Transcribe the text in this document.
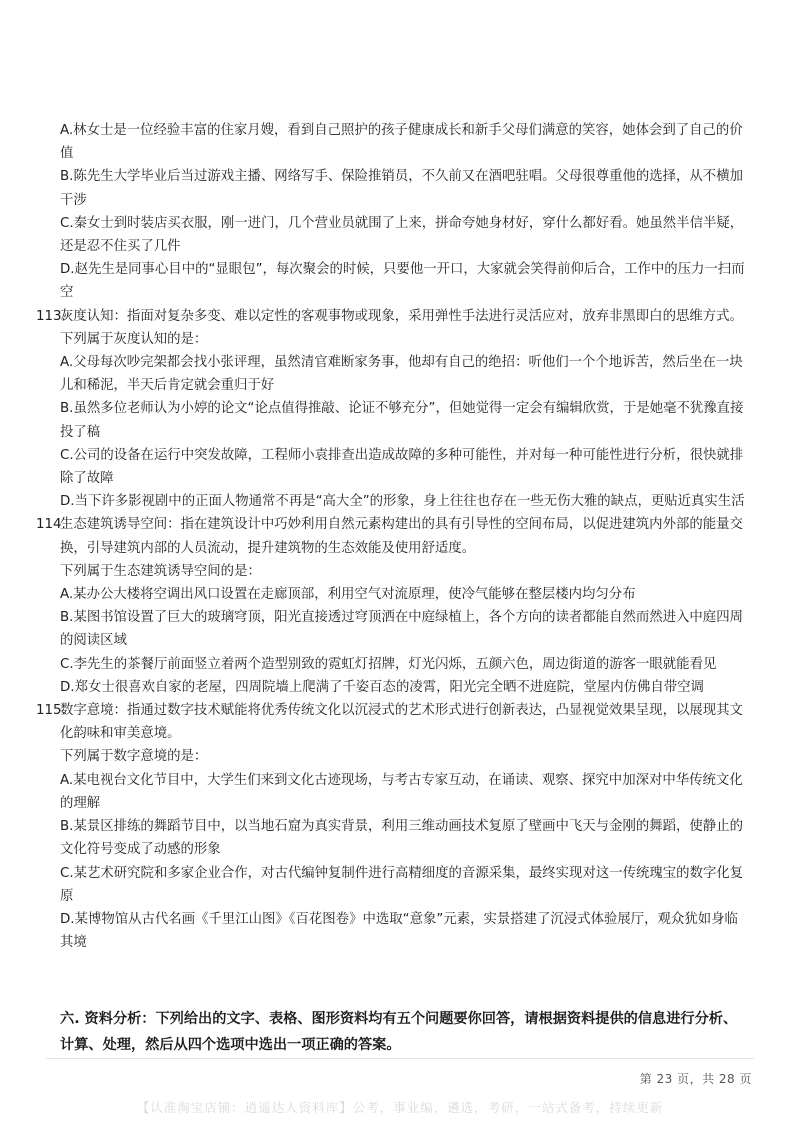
A.林女士是一位经验丰富的住家月嫂，看到自己照护的孩子健康成长和新手父母们满意的笑容，她体会到了自己的价值

B.陈先生大学毕业后当过游戏主播、网络写手、保险推销员，不久前又在酒吧驻唱。父母很尊重他的选择，从不横加干涉

C.秦女士到时装店买衣服，刚一进门，几个营业员就围了上来，拼命夸她身材好，穿什么都好看。她虽然半信半疑，还是忍不住买了几件

D.赵先生是同事心目中的“显眼包”，每次聚会的时候，只要他一开口，大家就会笑得前仰后合，工作中的压力一扫而空

113.灰度认知：指面对复杂多变、难以定性的客观事物或现象，采用弹性手法进行灵活应对，放弃非黑即白的思维方式。

下列属于灰度认知的是：

A.父母每次吵完架都会找小张评理，虽然清官难断家务事，他却有自己的绝招：听他们一个个地诉苦，然后坐在一块儿和稀泥，半天后肯定就会重归于好

B.虽然多位老师认为小婷的论文“论点值得推敲、论证不够充分”，但她觉得一定会有编辑欣赏，于是她毫不犹豫直接投了稿

C.公司的设备在运行中突发故障，工程师小袁排查出造成故障的多种可能性，并对每一种可能性进行分析，很快就排除了故障

D.当下许多影视剧中的正面人物通常不再是“高大全”的形象，身上往往也存在一些无伤大雅的缺点，更贴近真实生活

114.生态建筑诱导空间：指在建筑设计中巧妙利用自然元素构建出的具有引导性的空间布局，以促进建筑内外部的能量交换，引导建筑内部的人员流动，提升建筑物的生态效能及使用舒适度。

下列属于生态建筑诱导空间的是：

A.某办公大楼将空调出风口设置在走廊顶部，利用空气对流原理，使冷气能够在整层楼内均匀分布

B.某图书馆设置了巨大的玻璃穹顶，阳光直接透过穹顶洒在中庭绿植上，各个方向的读者都能自然而然进入中庭四周的阅读区域

C.李先生的茶餐厅前面竖立着两个造型别致的霓虹灯招牌，灯光闪烁，五颜六色，周边街道的游客一眼就能看见

D.郑女士很喜欢自家的老屋，四周院墙上爬满了千姿百态的凌霄，阳光完全晒不进庭院，堂屋内仿佛自带空调

115.数字意境：指通过数字技术赋能将优秀传统文化以沉浸式的艺术形式进行创新表达，凸显视觉效果呈现，以展现其文化韵味和审美意境。

下列属于数字意境的是：

A.某电视台文化节目中，大学生们来到文化古迹现场，与考古专家互动，在诵读、观察、探究中加深对中华传统文化的理解

B.某景区排练的舞蹈节目中，以当地石窟为真实背景，利用三维动画技术复原了壁画中飞天与金刚的舞蹈，使静止的文化符号变成了动感的形象

C.某艺术研究院和多家企业合作，对古代编钟复制件进行高精细度的音源采集，最终实现对这一传统瑰宝的数字化复原

D.某博物馆从古代名画《千里江山图》《百花图卷》中选取“意象”元素，实景搭建了沉浸式体验展厅，观众犹如身临其境

六. 资料分析：下列给出的文字、表格、图形资料均有五个问题要你回答，请根据资料提供的信息进行分析、计算、处理，然后从四个选项中选出一项正确的答案。

第 23 页，共 28 页
【认准淘宝店铺：逍遥达人资料库】公考，事业编，遴选，考研，一站式备考，持续更新
